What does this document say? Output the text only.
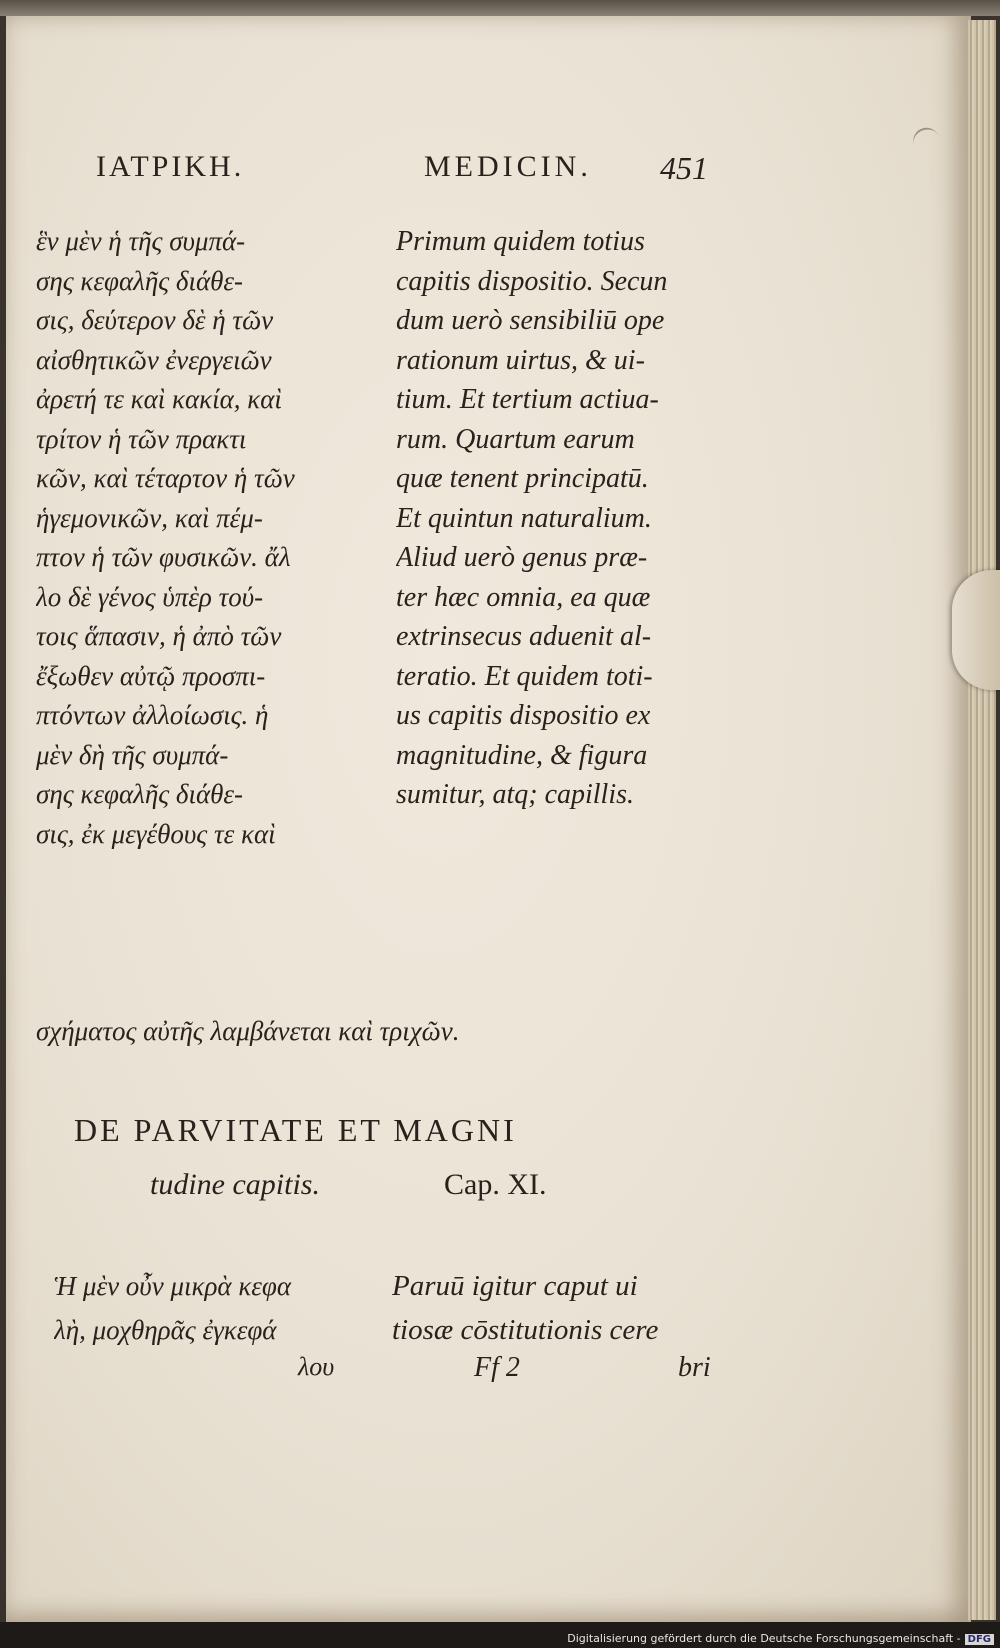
ΙΑΤΡΙΚΗ.	MEDICIN. 451
ἓν μὲν ἡ τῆς συμπά-
σης κεφαλῆς διάθε-
σις, δεύτερον δὲ ἡ τῶν
αἰσθητικῶν ἐνεργειῶν
ἀρετή τε καὶ κακία, καὶ
τρίτον ἡ τῶν πρακτι
κῶν, καὶ τέταρτον ἡ τῶν
ἡγεμονικῶν, καὶ πέμ-
πτον ἡ τῶν φυσικῶν. ἄλ
λο δὲ γένος ὑπὲρ τού-
τοις ἅπασιν, ἡ ἀπὸ τῶν
ἔξωθεν αὐτῷ προσπι-
πτόντων ἀλλοίωσις. ἡ
μὲν δὴ τῆς συμπά-
σης κεφαλῆς διάθε-
σις, ἐκ μεγέθους τε καὶ
Primum quidem totius
capitis dispositio. Secun
dum uerò sensibiliū ope
rationum uirtus, & ui-
tium. Et tertium actiua-
rum. Quartum earum
quæ tenent principatū.
Et quintun naturalium.
Aliud uerò genus præ-
ter hæc omnia, ea quæ
extrinsecus aduenit al-
teratio. Et quidem toti-
us capitis dispositio ex
magnitudine, & figura
sumitur, atq; capillis.
σχήματος αὐτῆς λαμβάνεται καὶ τριχῶν.
DE PARVITATE ET MAGNI
tudine capitis.	Cap. XI.
Ἡ μὲν οὖν μικρὰ κεφα
λὴ, μοχθηρᾶς ἐγκεφά
Paruū igitur caput ui
tiosæ cōstitutionis cere
λου	Ff 2	bri
Digitalisierung gefördert durch die Deutsche Forschungsgemeinschaft - DFG
